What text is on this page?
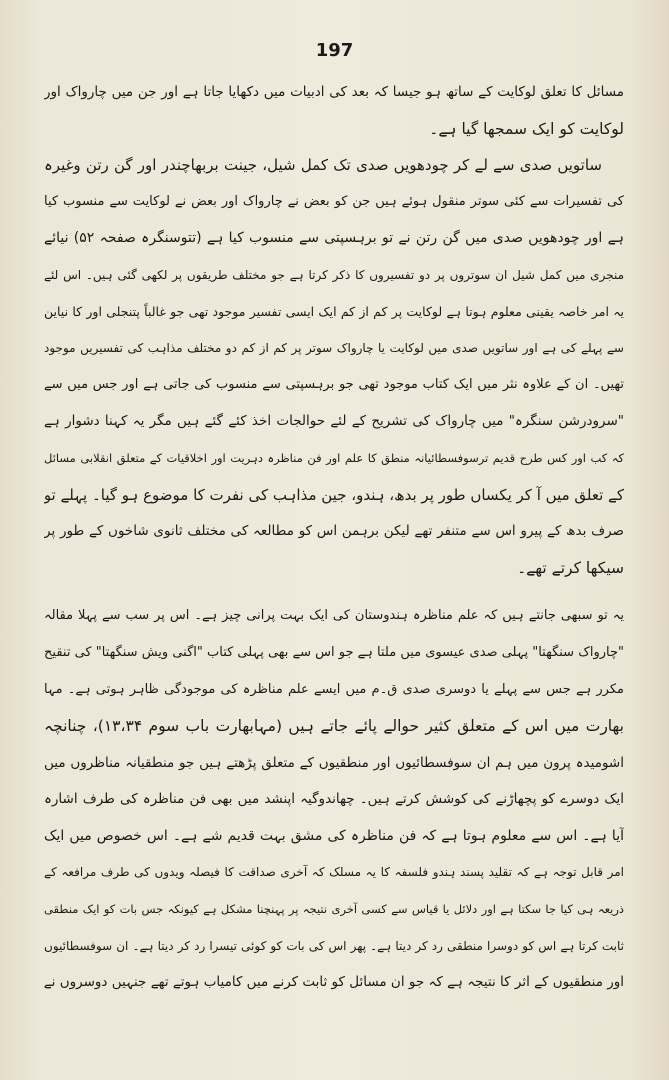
197
مسائل کا تعلق لوکایت کے ساتھ ہو جیسا کہ بعد کی ادبیات میں دکھایا جاتا ہے اور جن میں چارواک اور
لوکایت کو ایک سمجھا گیا ہے۔
ساتویں صدی سے لے کر چودھویں صدی تک کمل شیل، جینت بربھاچندر اور گن رتن وغیرہ
کی تفسیرات سے کئی سوتر منقول ہوئے ہیں جن کو بعض نے چارواک اور بعض نے لوکایت سے منسوب کیا
ہے اور چودھویں صدی میں گن رتن نے تو برہسپتی سے منسوب کیا ہے (تتوسنگرہ صفحہ ۵۲) نیائے
منجری میں کمل شیل ان سوتروں پر دو تفسیروں کا ذکر کرتا ہے جو مختلف طریقوں پر لکھی گئی ہیں۔ اس لئے
یہ امر خاصہ یقینی معلوم ہوتا ہے لوکایت پر کم از کم ایک ایسی تفسیر موجود تھی جو غالباً پتنجلی اور کا نیاین
سے پہلے کی ہے اور ساتویں صدی میں لوکایت یا چارواک سوتر پر کم از کم دو مختلف مذاہب کی تفسیریں موجود
تھیں۔ ان کے علاوہ نثر میں ایک کتاب موجود تھی جو برہسپتی سے منسوب کی جاتی ہے اور جس میں سے
"سرودرشن سنگرہ" میں چارواک کی تشریح کے لئے حوالجات اخذ کئے گئے ہیں مگر یہ کہنا دشوار ہے
کہ کب اور کس طرح قدیم ترسوفسطائیانہ منطق کا علم اور فن مناظرہ دہریت اور اخلاقیات کے متعلق انقلابی مسائل
کے تعلق میں آ کر یکساں طور پر بدھ، ہندو، جین مذاہب کی نفرت کا موضوع ہو گیا۔ پہلے تو
صرف بدھ کے پیرو اس سے متنفر تھے لیکن برہمن اس کو مطالعہ کی مختلف ثانوی شاخوں کے طور پر
سیکھا کرتے تھے۔
یہ تو سبھی جانتے ہیں کہ علم مناظرہ ہندوستان کی ایک بہت پرانی چیز ہے۔ اس پر سب سے پہلا مقالہ
"چارواک سنگھتا" پہلی صدی عیسوی میں ملتا ہے جو اس سے بھی پہلی کتاب "اگنی ویش سنگھتا" کی تنقیح
مکرر ہے جس سے پہلے یا دوسری صدی ق۔م میں ایسے علم مناظرہ کی موجودگی ظاہر ہوتی ہے۔ مہا
بھارت میں اس کے متعلق کثیر حوالے پائے جاتے ہیں (مہابھارت باب سوم ۱۳،۳۴)، چنانچہ
اشومیدہ پرون میں ہم ان سوفسطائیوں اور منطقیوں کے متعلق پڑھتے ہیں جو منطقیانہ مناظروں میں
ایک دوسرے کو پچھاڑنے کی کوشش کرتے ہیں۔ چھاندوگیہ اپنشد میں بھی فن مناظرہ کی طرف اشارہ
آیا ہے۔ اس سے معلوم ہوتا ہے کہ فن مناظرہ کی مشق بہت قدیم شے ہے۔ اس خصوص میں ایک
امر قابل توجہ ہے کہ تقلید پسند ہندو فلسفہ کا یہ مسلک کہ آخری صداقت کا فیصلہ ویدوں کی طرف مرافعہ کے
ذریعہ ہی کیا جا سکتا ہے اور دلائل یا قیاس سے کسی آخری نتیجہ پر پہنچنا مشکل ہے کیونکہ جس بات کو ایک منطقی
ثابت کرتا ہے اس کو دوسرا منطقی رد کر دیتا ہے۔ پھر اس کی بات کو کوئی تیسرا رد کر دیتا ہے۔ ان سوفسطائیوں
اور منطقیوں کے اثر کا نتیجہ ہے کہ جو ان مسائل کو ثابت کرنے میں کامیاب ہوتے تھے جنہیں دوسروں نے
